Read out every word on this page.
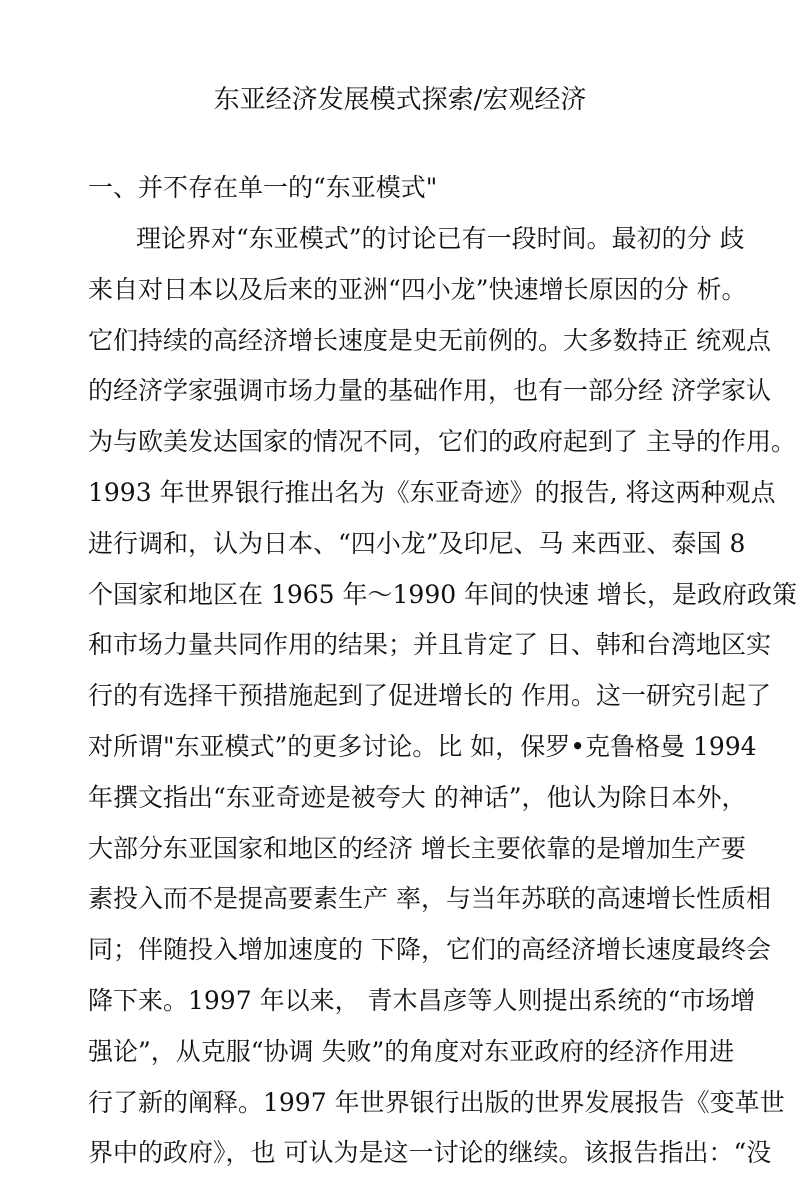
东亚经济发展模式探索/宏观经济
一、并不存在单一的“东亚模式"
理论界对“东亚模式”的讨论已有一段时间。最初的分 歧
来自对日本以及后来的亚洲“四小龙”快速增长原因的分 析。
它们持续的高经济增长速度是史无前例的。大多数持正 统观点
的经济学家强调市场力量的基础作用，也有一部分经 济学家认
为与欧美发达国家的情况不同，它们的政府起到了 主导的作用。
1993 年世界银行推出名为《东亚奇迹》的报告, 将这两种观点
进行调和，认为日本、“四小龙”及印尼、马 来西亚、泰国 8
个国家和地区在 1965 年～1990 年间的快速 增长，是政府政策
和市场力量共同作用的结果；并且肯定了 日、韩和台湾地区实
行的有选择干预措施起到了促进增长的 作用。这一研究引起了
对所谓"东亚模式”的更多讨论。比 如，保罗•克鲁格曼 1994
年撰文指出“东亚奇迹是被夸大 的神话”，他认为除日本外，
大部分东亚国家和地区的经济 增长主要依靠的是增加生产要
素投入而不是提高要素生产 率，与当年苏联的高速增长性质相
同；伴随投入增加速度的 下降，它们的高经济增长速度最终会
降下来。1997 年以来， 青木昌彦等人则提出系统的“市场增
强论”，从克服“协调 失败”的角度对东亚政府的经济作用进
行了新的阐释。1997 年世界银行出版的世界发展报告《变革世
界中的政府》，也 可认为是这一讨论的继续。该报告指出：“没
